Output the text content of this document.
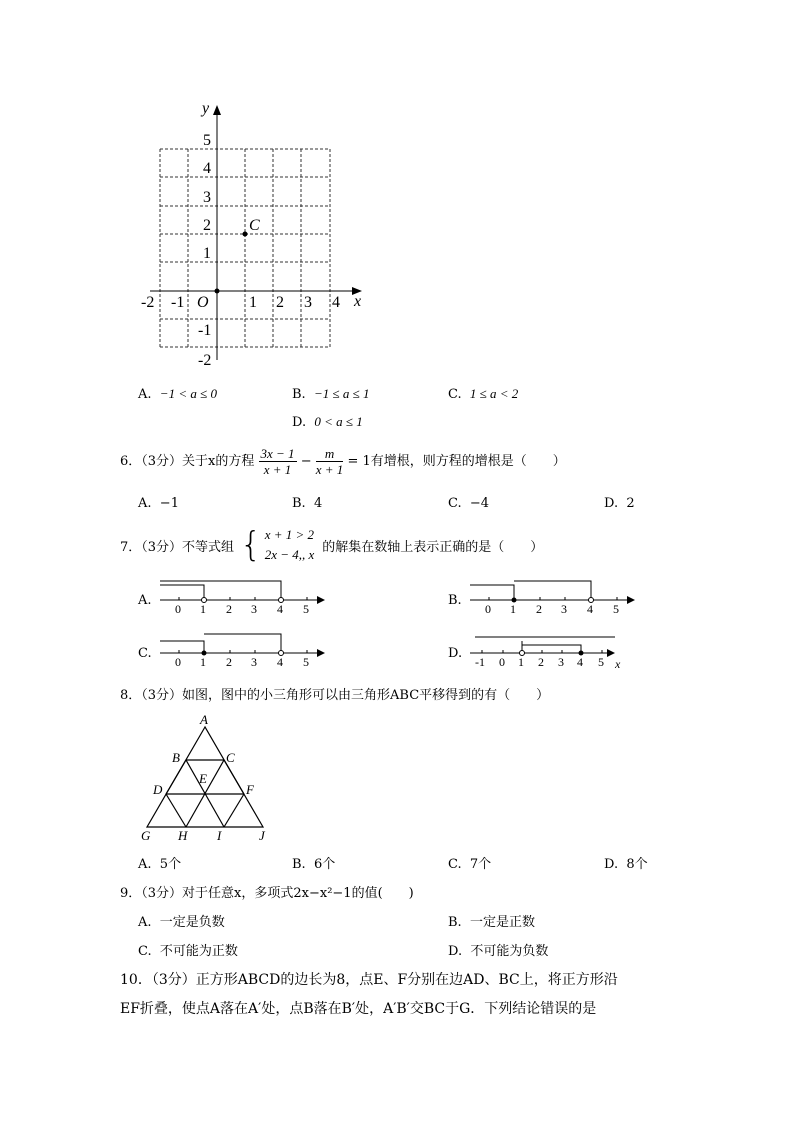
y
x
O
C
-2 -1	1 2 3 4
5
4
3
2
1
-1
-2
A. −1 < a ≤ 0	B. −1 ≤ a ≤ 1	C. 1 ≤ a < 2
D. 0 < a ≤ 1
6．（3分）关于x的方程 $\frac{3x - 1}{x + 1} - \frac{m}{x + 1} = 1$有增根，则方程的增根是（　　）
A. −1	B. 4	C. −4	D. 2
7．（3分）不等式组 { x + 1 > 2
2x − 4,, x 的解集在数轴上表示正确的是（　　）
A.
0 1 2 3 4 5
B.
0 1 2 3 4 5
C.
0 1 2 3 4 5
D.
-1 0 1 2 3 4 5 x
8．（3分）如图，图中的小三角形可以由三角形ABC平移得到的有（　　）
A
B	C
E
D	F
G H I	J
A. 5个	B. 6个	C. 7个	D. 8个
9．（3分）对于任意x，多项式2x−x²−1的值(　　)
A. 一定是负数	B. 一定是正数
C. 不可能为正数	D. 不可能为负数
10．（3分）正方形ABCD的边长为8，点E、F分别在边AD、BC上，将正方形沿
EF折叠，使点A落在A′处，点B落在B′处，A′B′交BC于G．下列结论错误的是
